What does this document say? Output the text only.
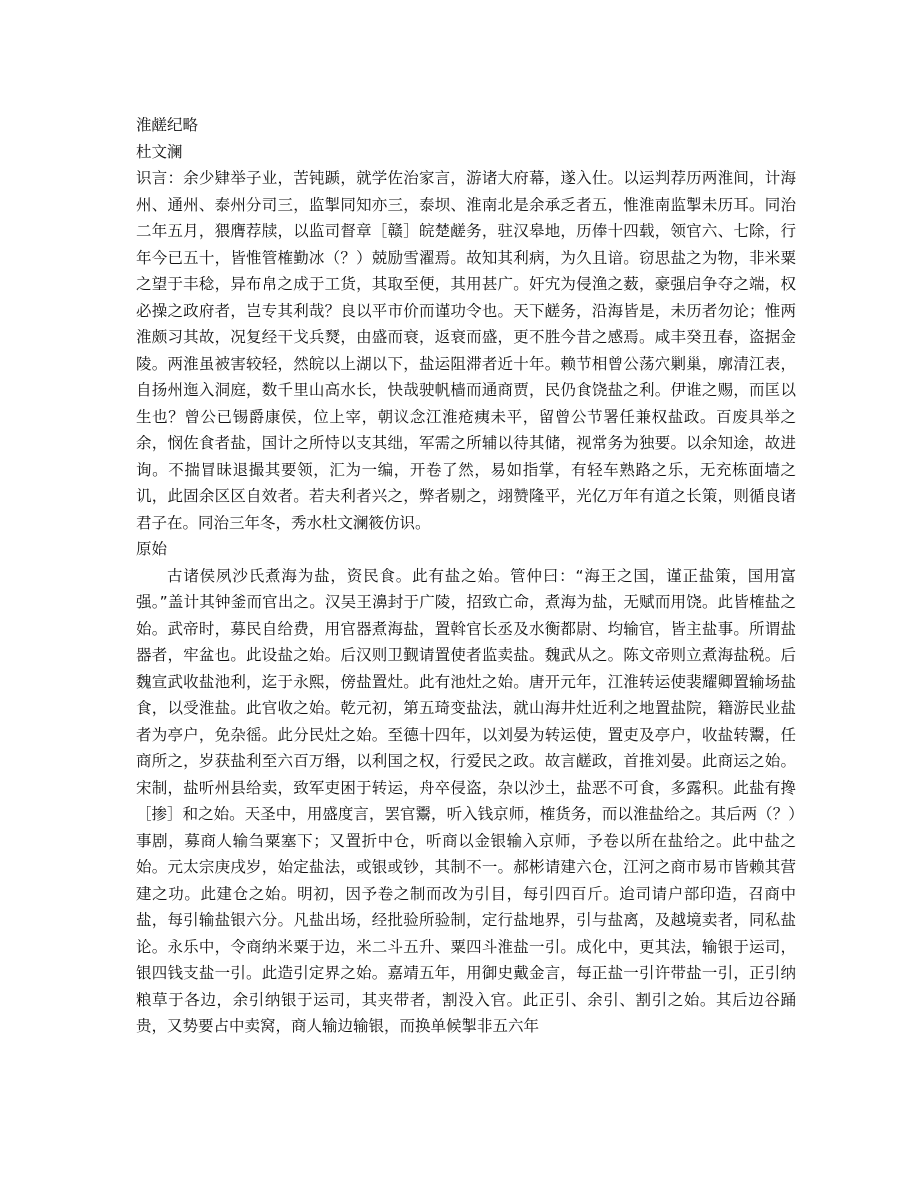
淮鹾纪略
杜文澜

识言：余少肄举子业，苦钝踬，就学佐治家言，游诸大府幕，遂入仕。以运判荐历两淮间，计海州、通州、泰州分司三，监掣同知亦三，泰坝、淮南北是余承乏者五，惟淮南监掣未历耳。同治二年五月，猥膺荐牍，以监司督章［赣］皖楚鹾务，驻汉皋地，历俸十四载，领官六、七除，行年今已五十，皆惟管榷勤冰（？）兢励雪濯焉。故知其利病，为久且谙。窃思盐之为物，非米粟之望于丰稔，异布帛之成于工货，其取至便，其用甚广。奸宄为侵渔之薮，豪强启争夺之端，权必操之政府者，岂专其利哉？良以平市价而谨功令也。天下鹾务，沿海皆是，未历者勿论；惟两淮颇习其故，况复经干戈兵燹，由盛而衰，返衰而盛，更不胜今昔之感焉。咸丰癸丑春，盗据金陵。两淮虽被害较轻，然皖以上湖以下，盐运阻滞者近十年。赖节相曾公荡穴剿巢，廓清江表，自扬州迤入洞庭，数千里山高水长，快哉驶帆樯而通商贾，民仍食饶盐之利。伊谁之赐，而匡以生也？曾公已锡爵康侯，位上宰，朝议念江淮疮痍未平，留曾公节署任兼权盐政。百废具举之余，悯佐食者盐，国计之所恃以支其绌，军需之所辅以待其储，视常务为独要。以余知途，故进询。不揣冒昧退撮其要领，汇为一编，开卷了然，易如指掌，有轻车熟路之乐，无充栋面墙之讥，此固余区区自效者。若夫利者兴之，弊者剔之，翊赞隆平，光亿万年有道之长策，则循良诸君子在。同治三年冬，秀水杜文澜筱仿识。

原始

古诸侯夙沙氏煮海为盐，资民食。此有盐之始。管仲曰：“海王之国，谨正盐策，国用富强。”盖计其钟釜而官出之。汉吴王濞封于广陵，招致亡命，煮海为盐，无赋而用饶。此皆榷盐之始。武帝时，募民自给费，用官器煮海盐，置斡官长丞及水衡都尉、均输官，皆主盐事。所谓盐器者，牢盆也。此设盐之始。后汉则卫觐请置使者监卖盐。魏武从之。陈文帝则立煮海盐税。后魏宣武收盐池利，迄于永熙，傍盐置灶。此有池灶之始。唐开元年，江淮转运使裴耀卿置输场盐食，以受淮盐。此官收之始。乾元初，第五琦变盐法，就山海井灶近利之地置盐院，籍游民业盐者为亭户，免杂徭。此分民灶之始。至德十四年，以刘晏为转运使，置吏及亭户，收盐转鬻，任商所之，岁获盐利至六百万缗，以利国之权，行爱民之政。故言鹾政，首推刘晏。此商运之始。宋制，盐听州县给卖，致军吏困于转运，舟卒侵盗，杂以沙土，盐恶不可食，多露积。此盐有搀［掺］和之始。天圣中，用盛度言，罢官鬻，听入钱京师，榷货务，而以淮盐给之。其后两（？）事剧，募商人输刍粟塞下；又置折中仓，听商以金银输入京师，予卷以所在盐给之。此中盐之始。元太宗庚戌岁，始定盐法，或银或钞，其制不一。郝彬请建六仓，江河之商市易市皆赖其营建之功。此建仓之始。明初，因予卷之制而改为引目，每引四百斤。迨司请户部印造，召商中盐，每引输盐银六分。凡盐出场，经批验所验制，定行盐地界，引与盐离，及越境卖者，同私盐论。永乐中，令商纳米粟于边，米二斗五升、粟四斗淮盐一引。成化中，更其法，输银于运司，银四钱支盐一引。此造引定界之始。嘉靖五年，用御史戴金言，每正盐一引许带盐一引，正引纳粮草于各边，余引纳银于运司，其夹带者，割没入官。此正引、余引、割引之始。其后边谷踊贵，又势要占中卖窝，商人输边输银，而换单候掣非五六年
